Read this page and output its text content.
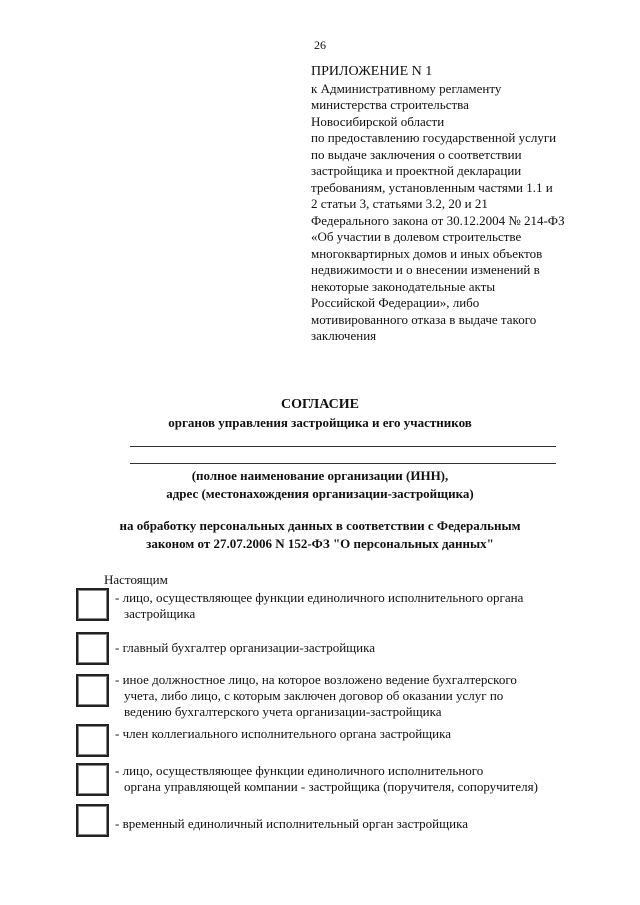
26
ПРИЛОЖЕНИЕ N 1
к Административному регламенту
министерства строительства
Новосибирской области
по предоставлению государственной услуги
по выдаче заключения о соответствии
застройщика и проектной декларации
требованиям, установленным частями 1.1 и
2 статьи 3, статьями 3.2, 20 и 21
Федерального закона от 30.12.2004 № 214-ФЗ
«Об участии в долевом строительстве
многоквартирных домов и иных объектов
недвижимости и о внесении изменений в
некоторые законодательные акты
Российской Федерации», либо
мотивированного отказа в выдаче такого
заключения
СОГЛАСИЕ
органов управления застройщика и его участников
(полное наименование организации (ИНН),
адрес (местонахождения организации-застройщика)
на обработку персональных данных в соответствии с Федеральным
законом от 27.07.2006 N 152-ФЗ "О персональных данных"
Настоящим
- лицо, осуществляющее функции единоличного исполнительного органа
застройщика
- главный бухгалтер организации-застройщика
- иное должностное лицо, на которое возложено ведение бухгалтерского
учета, либо лицо, с которым заключен договор об оказании услуг по
ведению бухгалтерского учета организации-застройщика
- член коллегиального исполнительного органа застройщика
- лицо, осуществляющее функции единоличного исполнительного
органа управляющей компании - застройщика (поручителя, сопоручителя)
- временный единоличный исполнительный орган застройщика
